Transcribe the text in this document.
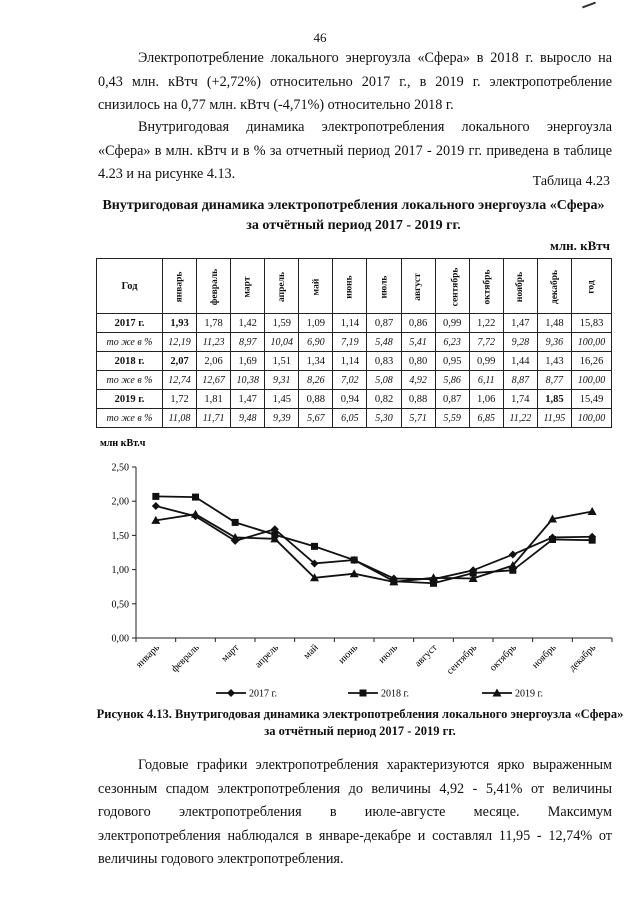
46
Электропотребление локального энергоузла «Сфера» в 2018 г. выросло на 0,43 млн. кВтч (+2,72%) относительно 2017 г., в 2019 г. электропотребление снизилось на 0,77 млн. кВтч (-4,71%) относительно 2018 г.
Внутригодовая динамика электропотребления локального энергоузла «Сфера» в млн. кВтч и в % за отчетный период 2017 - 2019 гг. приведена в таблице 4.23 и на рисунке 4.13.	Таблица 4.23
Внутригодовая динамика электропотребления локального энергоузла «Сфера» за отчётный период 2017 - 2019 гг.
млн. кВтч
Год	январь	февраль	март	апрель	май	июнь	июль	август	сентябрь	октябрь	ноябрь	декабрь	год
2017 г.	1,93	1,78	1,42	1,59	1,09	1,14	0,87	0,86	0,99	1,22	1,47	1,48	15,83
то же в %	12,19	11,23	8,97	10,04	6,90	7,19	5,48	5,41	6,23	7,72	9,28	9,36	100,00
2018 г.	2,07	2,06	1,69	1,51	1,34	1,14	0,83	0,80	0,95	0,99	1,44	1,43	16,26
то же в %	12,74	12,67	10,38	9,31	8,26	7,02	5,08	4,92	5,86	6,11	8,87	8,77	100,00
2019 г.	1,72	1,81	1,47	1,45	0,88	0,94	0,82	0,88	0,87	1,06	1,74	1,85	15,49
то же в %	11,08	11,71	9,48	9,39	5,67	6,05	5,30	5,71	5,59	6,85	11,22	11,95	100,00
млн кВт.ч
0,00
0,50
1,00
1,50
2,00
2,50
январь февраль март апрель май июнь июль август сентябрь октябрь ноябрь декабрь
2017 г.	2018 г.	2019 г.
Рисунок 4.13. Внутригодовая динамика электропотребления локального энергоузла «Сфера» за отчётный период 2017 - 2019 гг.
Годовые графики электропотребления характеризуются ярко выраженным сезонным спадом электропотребления до величины 4,92 - 5,41% от величины годового электропотребления в июле-августе месяце. Максимум электропотребления наблюдался в январе-декабре и составлял 11,95 - 12,74% от величины годового электропотребления.
